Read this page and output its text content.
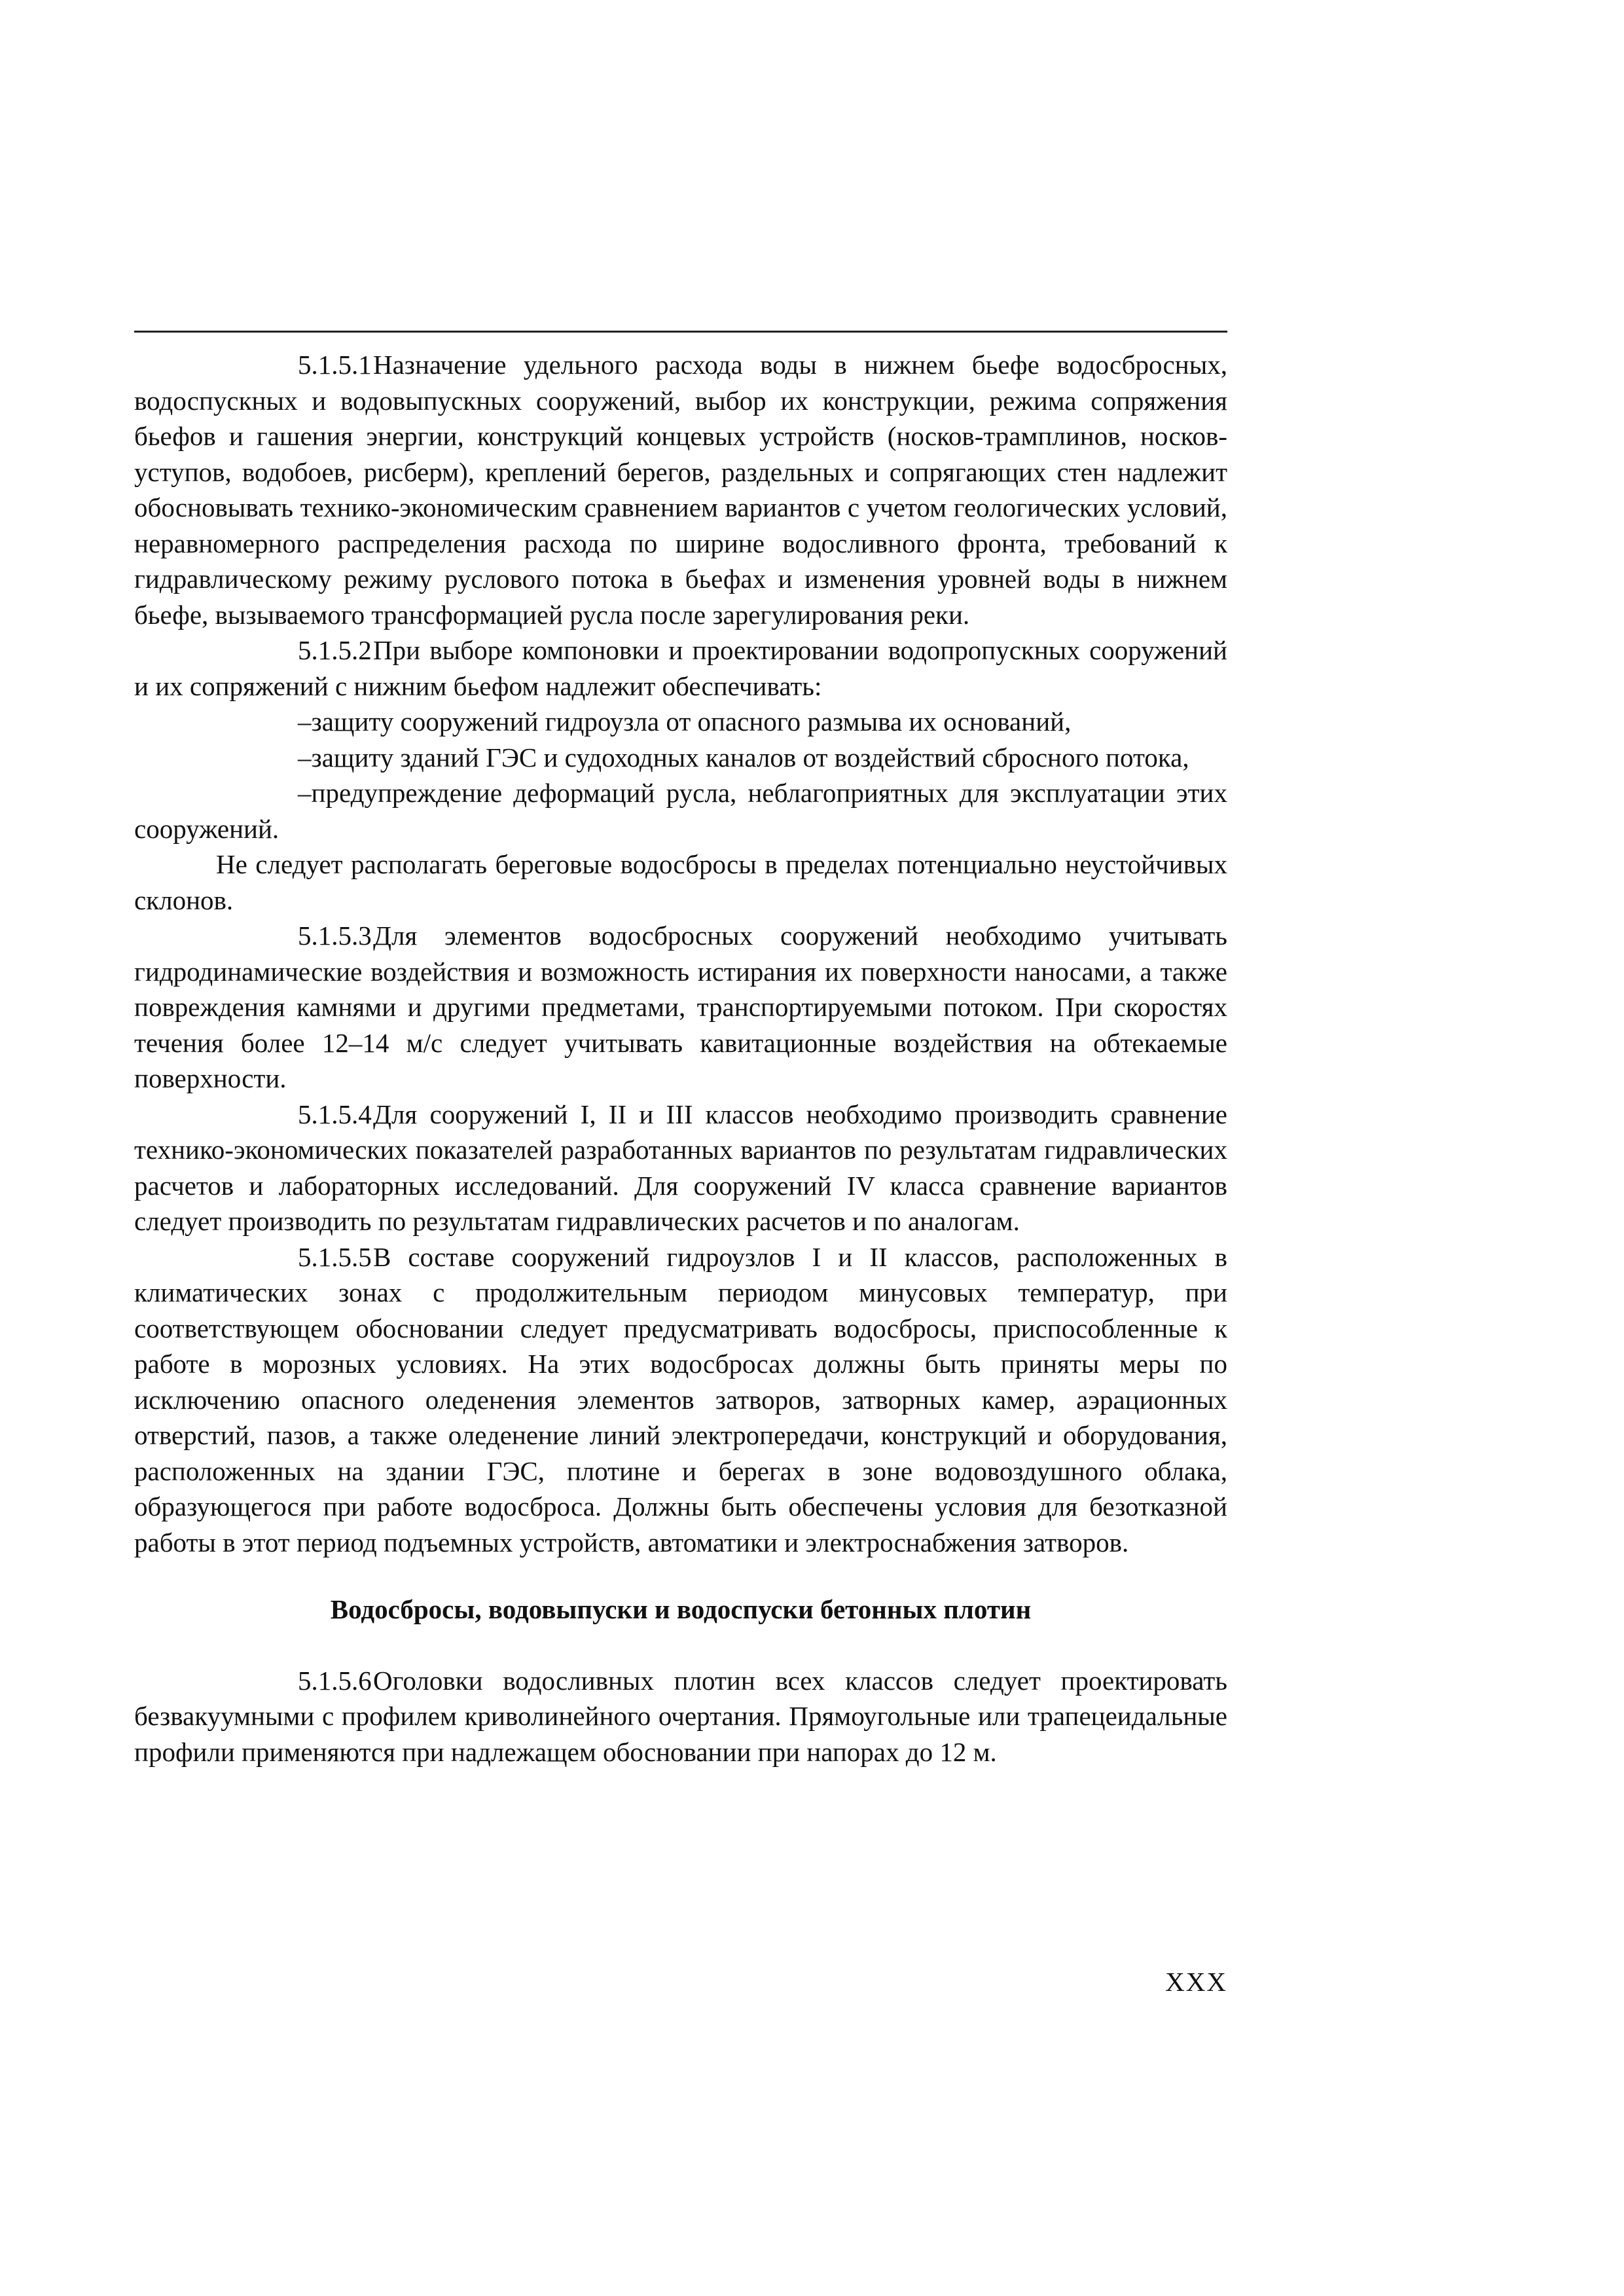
5.1.5.1Назначение удельного расхода воды в нижнем бьефе водосбросных, водоспускных и водовыпускных сооружений, выбор их конструкции, режима сопряжения бьефов и гашения энергии, конструкций концевых устройств (носков-трамплинов, носков-уступов, водобоев, рисберм), креплений берегов, раздельных и сопрягающих стен надлежит обосновывать технико-экономическим сравнением вариантов с учетом геологических условий, неравномерного распределения расхода по ширине водосливного фронта, требований к гидравлическому режиму руслового потока в бьефах и изменения уровней воды в нижнем бьефе, вызываемого трансформацией русла после зарегулирования реки.

5.1.5.2При выборе компоновки и проектировании водопропускных сооружений и их сопряжений с нижним бьефом надлежит обеспечивать:

–защиту сооружений гидроузла от опасного размыва их оснований,

–защиту зданий ГЭС и судоходных каналов от воздействий сбросного потока,

–предупреждение деформаций русла, неблагоприятных для эксплуатации этих сооружений.

Не следует располагать береговые водосбросы в пределах потенциально неустойчивых склонов.

5.1.5.3Для элементов водосбросных сооружений необходимо учитывать гидродинамические воздействия и возможность истирания их поверхности наносами, а также повреждения камнями и другими предметами, транспортируемыми потоком. При скоростях течения более 12–14 м/с следует учитывать кавитационные воздействия на обтекаемые поверхности.

5.1.5.4Для сооружений I, II и III классов необходимо производить сравнение технико-экономических показателей разработанных вариантов по результатам гидравлических расчетов и лабораторных исследований. Для сооружений IV класса сравнение вариантов следует производить по результатам гидравлических расчетов и по аналогам.

5.1.5.5В составе сооружений гидроузлов I и II классов, расположенных в климатических зонах с продолжительным периодом минусовых температур, при соответствующем обосновании следует предусматривать водосбросы, приспособленные к работе в морозных условиях. На этих водосбросах должны быть приняты меры по исключению опасного оледенения элементов затворов, затворных камер, аэрационных отверстий, пазов, а также оледенение линий электропередачи, конструкций и оборудования, расположенных на здании ГЭС, плотине и берегах в зоне водовоздушного облака, образующегося при работе водосброса. Должны быть обеспечены условия для безотказной работы в этот период подъемных устройств, автоматики и электроснабжения затворов.

Водосбросы, водовыпуски и водоспуски бетонных плотин

5.1.5.6Оголовки водосливных плотин всех классов следует проектировать безвакуумными с профилем криволинейного очертания. Прямоугольные или трапецеидальные профили применяются при надлежащем обосновании при напорах до 12 м.

XXX
